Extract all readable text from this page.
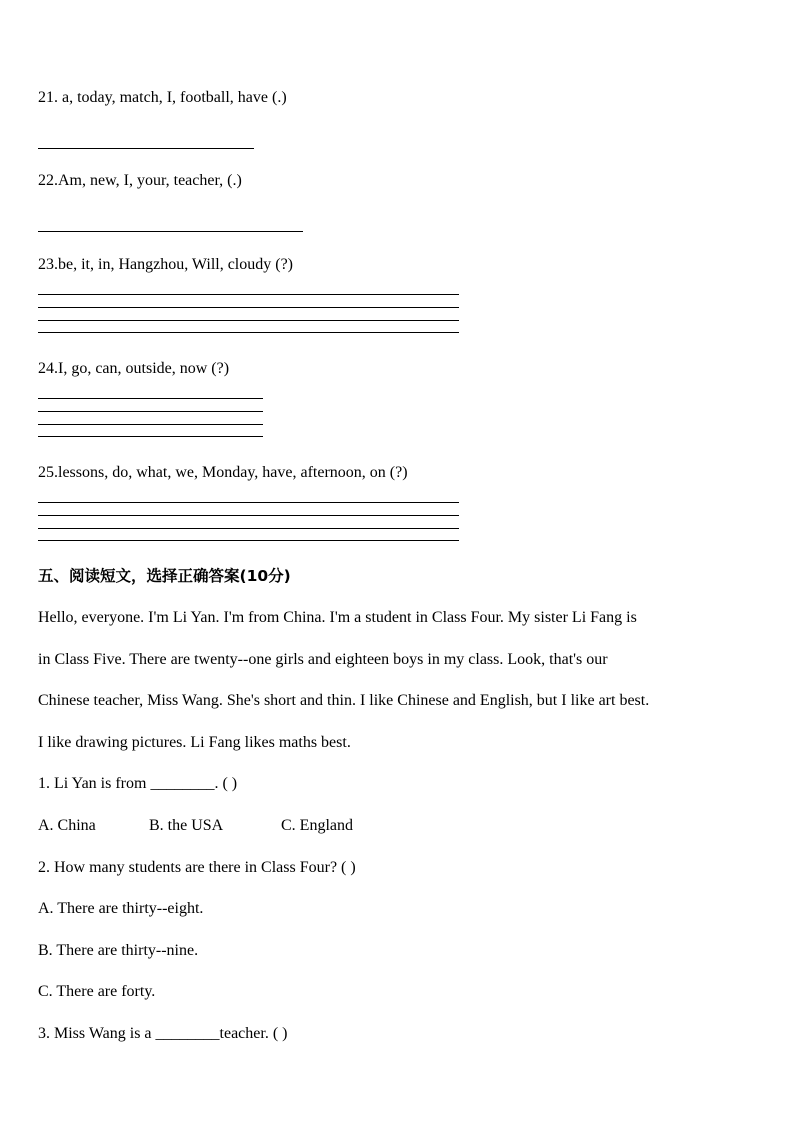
21. a, today, match, I, football, have (.)
22.Am, new, I, your, teacher, (.)
23.be, it, in, Hangzhou, Will, cloudy (?)
24.I, go, can, outside, now (?)
25.lessons, do, what, we, Monday, have, afternoon, on (?)
五、阅读短文，选择正确答案(10分)
Hello, everyone. I'm Li Yan. I'm from China. I'm a student in Class Four. My sister Li Fang is
in Class Five. There are twenty--one girls and eighteen boys in my class. Look, that's our
Chinese teacher, Miss Wang. She's short and thin. I like Chinese and English, but I like art best.
I like drawing pictures. Li Fang likes maths best.
1. Li Yan is from ________. ( )
A. China	B. the USA	C. England
2. How many students are there in Class Four? ( )
A. There are thirty--eight.
B. There are thirty--nine.
C. There are forty.
3. Miss Wang is a ________teacher. ( )
